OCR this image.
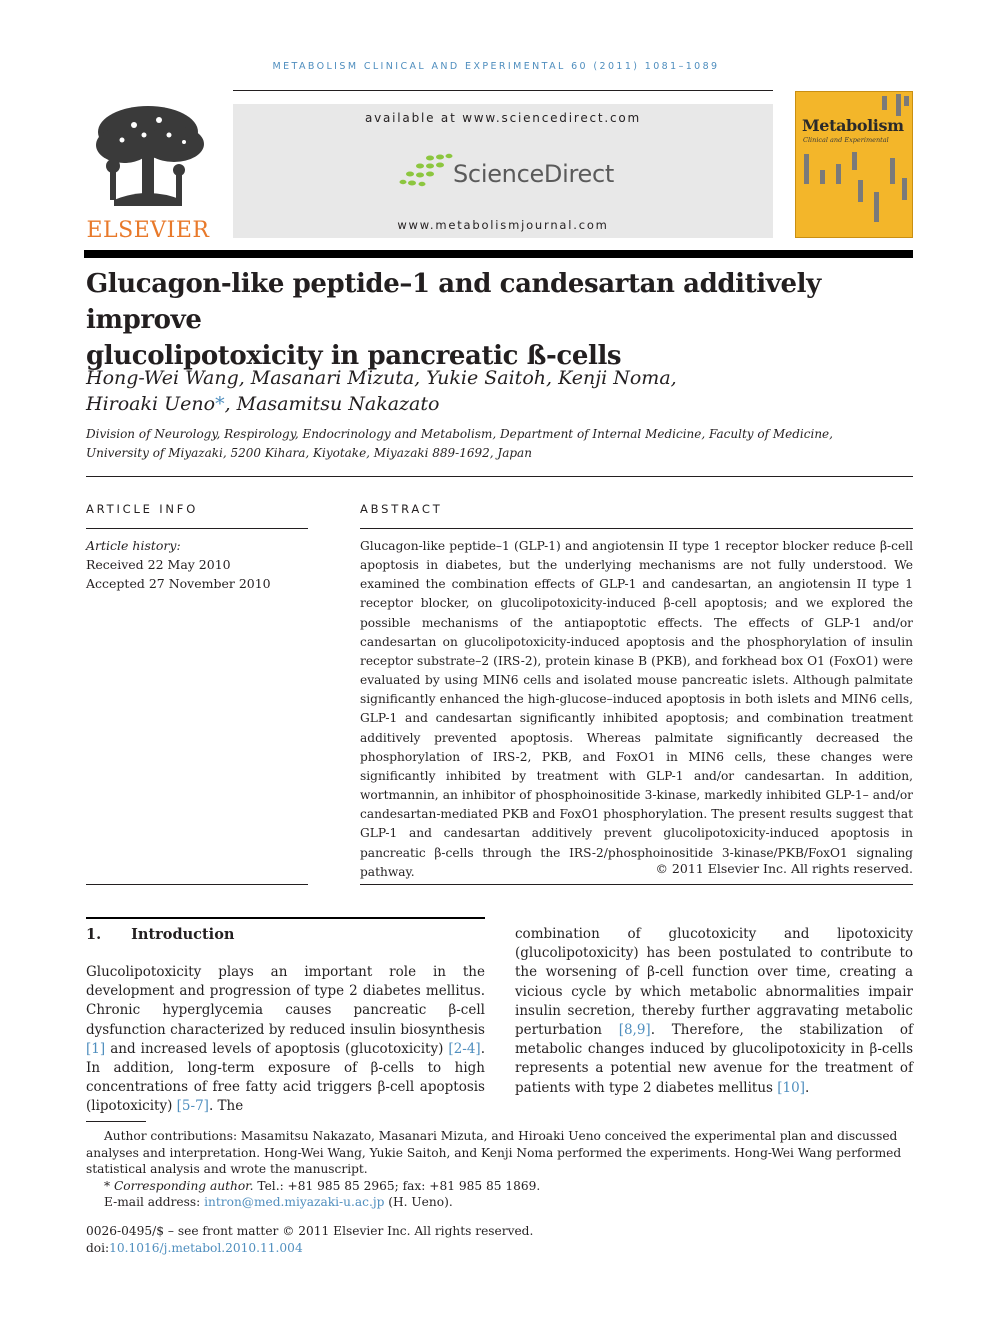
METABOLISM CLINICAL AND EXPERIMENTAL 60 (2011) 1081–1089
ELSEVIER
available at www.sciencedirect.com
ScienceDirect
www.metabolismjournal.com
Metabolism
Clinical and Experimental
Glucagon-like peptide–1 and candesartan additively improve
glucolipotoxicity in pancreatic ß-cells
Hong-Wei Wang, Masanari Mizuta, Yukie Saitoh, Kenji Noma,
Hiroaki Ueno*, Masamitsu Nakazato
Division of Neurology, Respirology, Endocrinology and Metabolism, Department of Internal Medicine, Faculty of Medicine,
University of Miyazaki, 5200 Kihara, Kiyotake, Miyazaki 889-1692, Japan
ARTICLE INFO
Article history:
Received 22 May 2010
Accepted 27 November 2010
ABSTRACT
Glucagon-like peptide–1 (GLP-1) and angiotensin II type 1 receptor blocker reduce β-cell apoptosis in diabetes, but the underlying mechanisms are not fully understood. We examined the combination effects of GLP-1 and candesartan, an angiotensin II type 1 receptor blocker, on glucolipotoxicity-induced β-cell apoptosis; and we explored the possible mechanisms of the antiapoptotic effects. The effects of GLP-1 and/or candesartan on glucolipotoxicity-induced apoptosis and the phosphorylation of insulin receptor substrate–2 (IRS-2), protein kinase B (PKB), and forkhead box O1 (FoxO1) were evaluated by using MIN6 cells and isolated mouse pancreatic islets. Although palmitate significantly enhanced the high-glucose–induced apoptosis in both islets and MIN6 cells, GLP-1 and candesartan significantly inhibited apoptosis; and combination treatment additively prevented apoptosis. Whereas palmitate significantly decreased the phosphorylation of IRS-2, PKB, and FoxO1 in MIN6 cells, these changes were significantly inhibited by treatment with GLP-1 and/or candesartan. In addition, wortmannin, an inhibitor of phosphoinositide 3-kinase, markedly inhibited GLP-1– and/or candesartan-mediated PKB and FoxO1 phosphorylation. The present results suggest that GLP-1 and candesartan additively prevent glucolipotoxicity-induced apoptosis in pancreatic β-cells through the IRS-2/phosphoinositide 3-kinase/PKB/FoxO1 signaling pathway.	© 2011 Elsevier Inc. All rights reserved.
1. Introduction
Glucolipotoxicity plays an important role in the development and progression of type 2 diabetes mellitus. Chronic hyperglycemia causes pancreatic β-cell dysfunction characterized by reduced insulin biosynthesis [1] and increased levels of apoptosis (glucotoxicity) [2-4]. In addition, long-term exposure of β-cells to high concentrations of free fatty acid triggers β-cell apoptosis (lipotoxicity) [5-7]. The
combination of glucotoxicity and lipotoxicity (glucolipotoxicity) has been postulated to contribute to the worsening of β-cell function over time, creating a vicious cycle by which metabolic abnormalities impair insulin secretion, thereby further aggravating metabolic perturbation [8,9]. Therefore, the stabilization of metabolic changes induced by glucolipotoxicity in β-cells represents a potential new avenue for the treatment of patients with type 2 diabetes mellitus [10].
Author contributions: Masamitsu Nakazato, Masanari Mizuta, and Hiroaki Ueno conceived the experimental plan and discussed analyses and interpretation. Hong-Wei Wang, Yukie Saitoh, and Kenji Noma performed the experiments. Hong-Wei Wang performed statistical analysis and wrote the manuscript.
* Corresponding author. Tel.: +81 985 85 2965; fax: +81 985 85 1869.
E-mail address: intron@med.miyazaki-u.ac.jp (H. Ueno).
0026-0495/$ – see front matter © 2011 Elsevier Inc. All rights reserved.
doi:10.1016/j.metabol.2010.11.004
